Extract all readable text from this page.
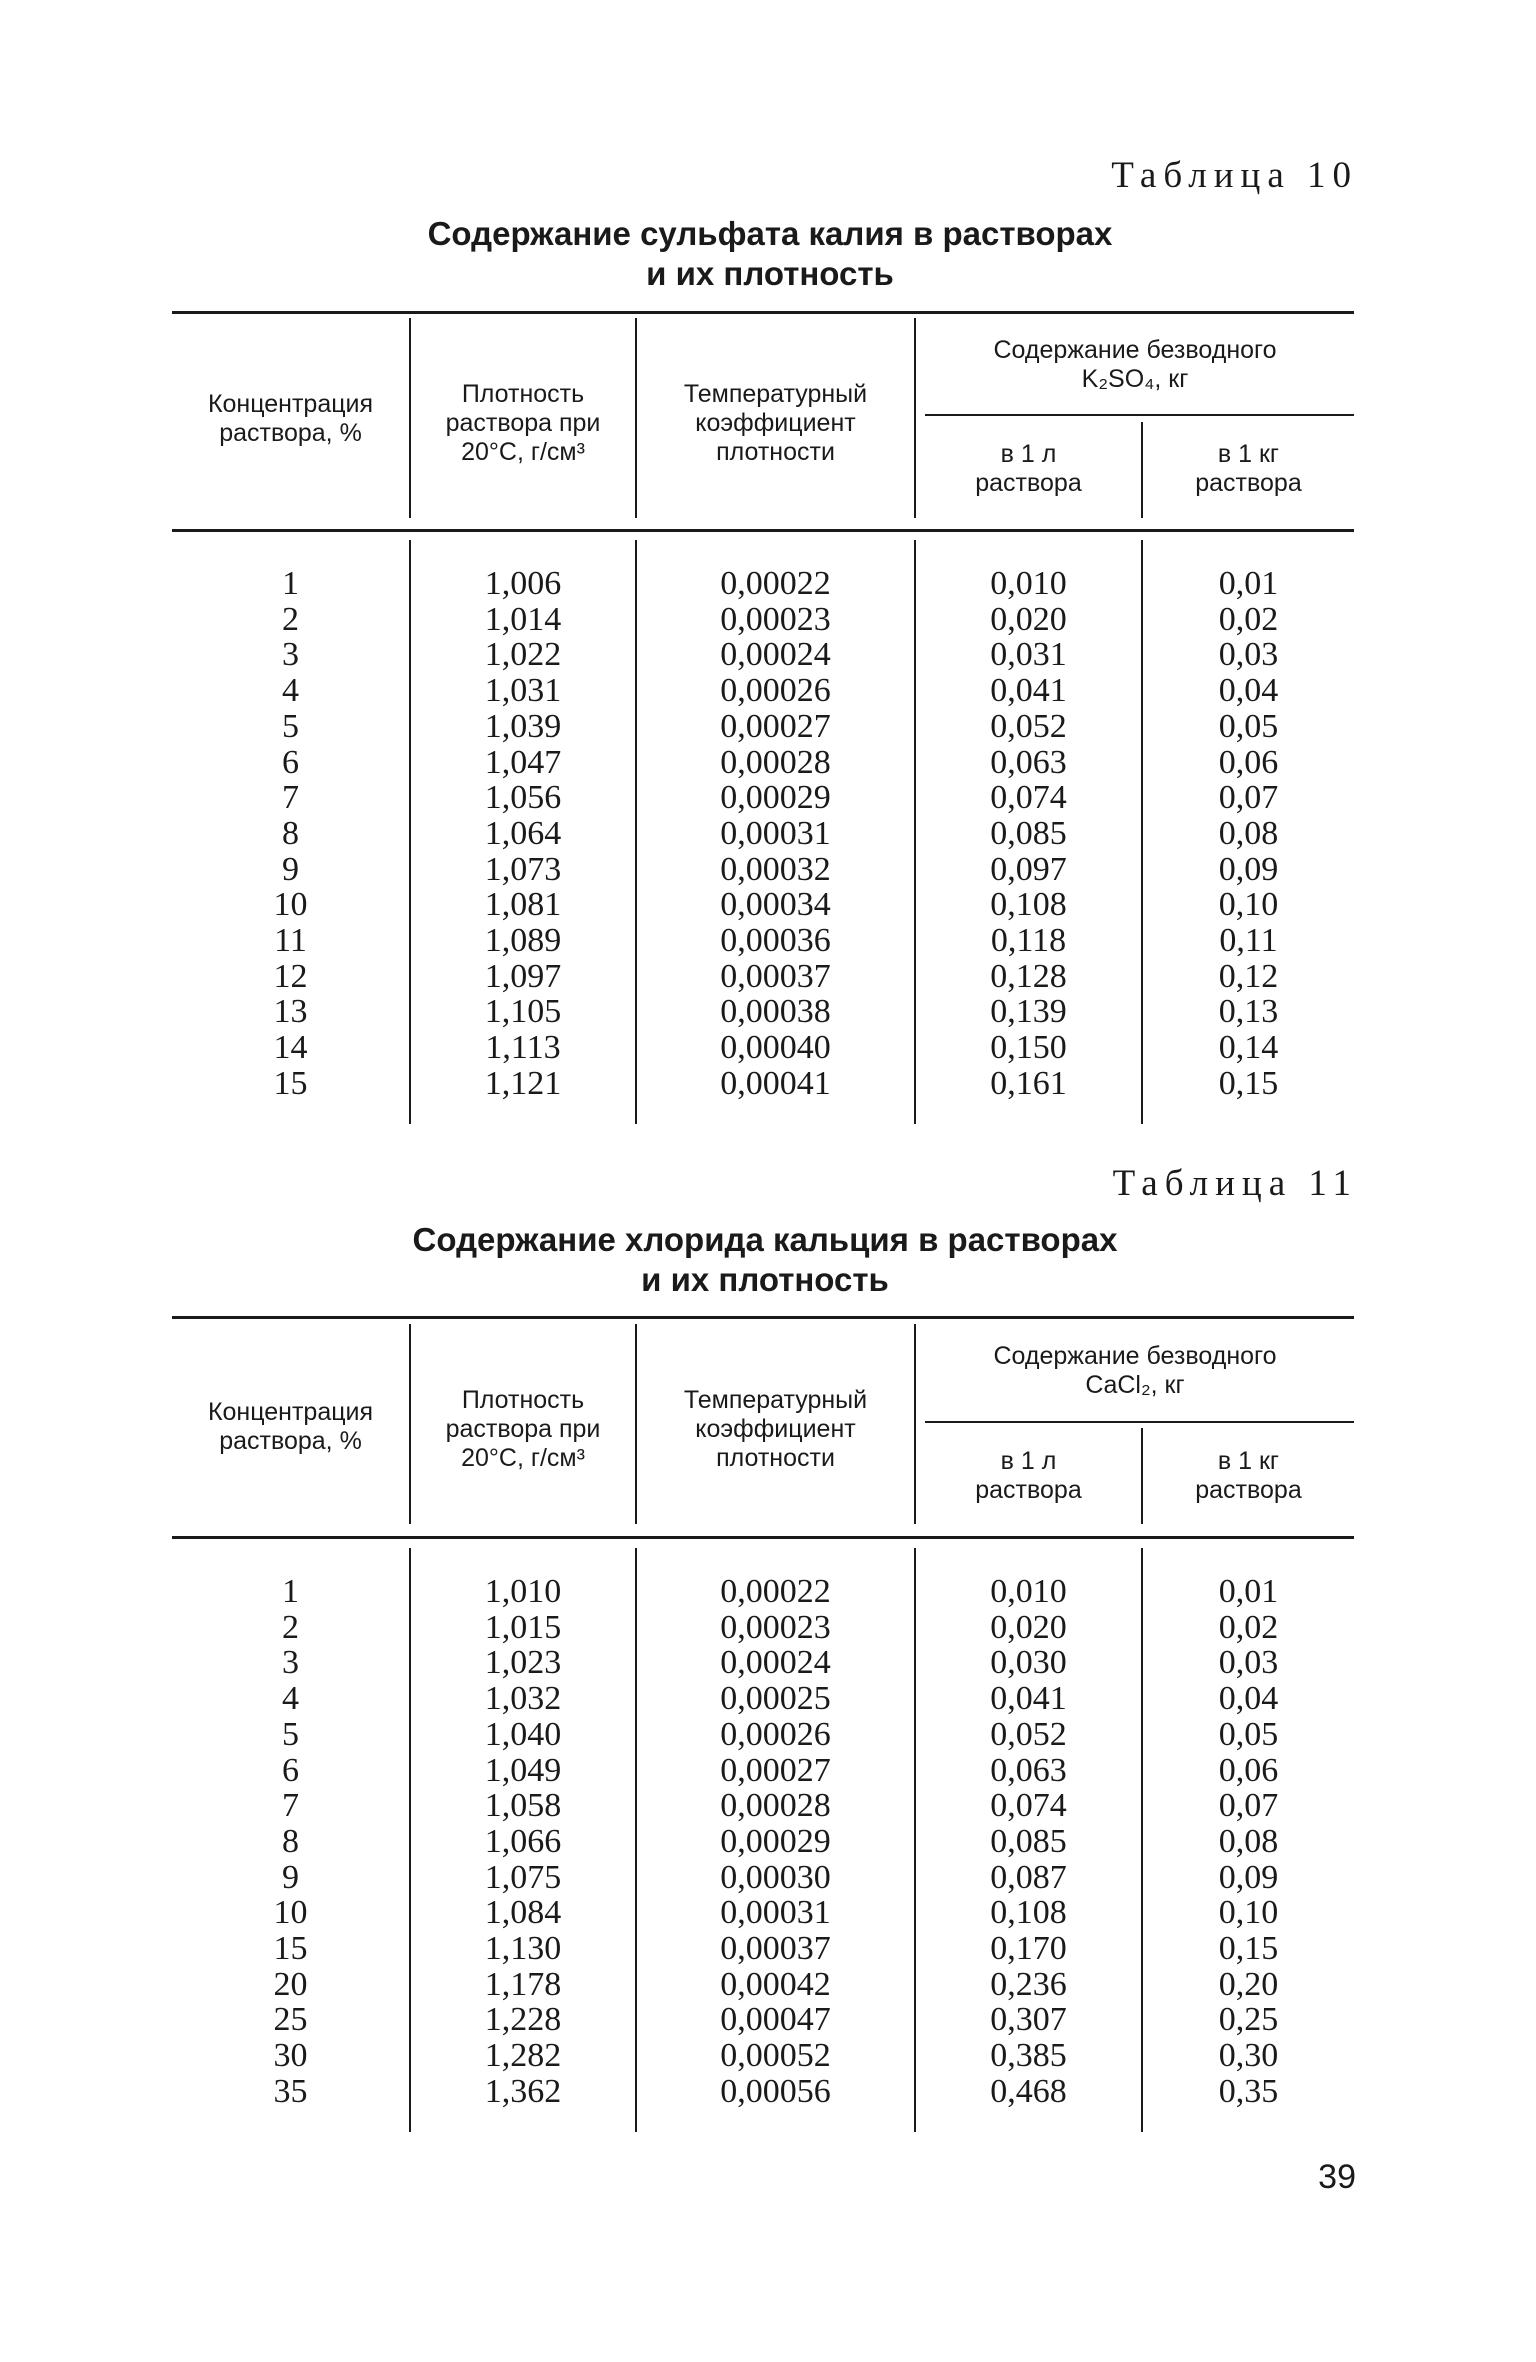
Таблица 10
Содержание сульфата калия в растворах
и их плотность
Концентрация
раствора, %
Плотность
раствора при
20°C, г/см³
Температурный
коэффициент
плотности
Содержание безводного
K₂SO₄, кг
в 1 л
раствора
в 1 кг
раствора
1
2
3
4
5
6
7
8
9
10
11
12
13
14
15
1,006
1,014
1,022
1,031
1,039
1,047
1,056
1,064
1,073
1,081
1,089
1,097
1,105
1,113
1,121
0,00022
0,00023
0,00024
0,00026
0,00027
0,00028
0,00029
0,00031
0,00032
0,00034
0,00036
0,00037
0,00038
0,00040
0,00041
0,010
0,020
0,031
0,041
0,052
0,063
0,074
0,085
0,097
0,108
0,118
0,128
0,139
0,150
0,161
0,01
0,02
0,03
0,04
0,05
0,06
0,07
0,08
0,09
0,10
0,11
0,12
0,13
0,14
0,15
Таблица 11
Содержание хлорида кальция в растворах
и их плотность
Концентрация
раствора, %
Плотность
раствора при
20°C, г/см³
Температурный
коэффициент
плотности
Содержание безводного
CaCl₂, кг
в 1 л
раствора
в 1 кг
раствора
1
2
3
4
5
6
7
8
9
10
15
20
25
30
35
1,010
1,015
1,023
1,032
1,040
1,049
1,058
1,066
1,075
1,084
1,130
1,178
1,228
1,282
1,362
0,00022
0,00023
0,00024
0,00025
0,00026
0,00027
0,00028
0,00029
0,00030
0,00031
0,00037
0,00042
0,00047
0,00052
0,00056
0,010
0,020
0,030
0,041
0,052
0,063
0,074
0,085
0,087
0,108
0,170
0,236
0,307
0,385
0,468
0,01
0,02
0,03
0,04
0,05
0,06
0,07
0,08
0,09
0,10
0,15
0,20
0,25
0,30
0,35
39
